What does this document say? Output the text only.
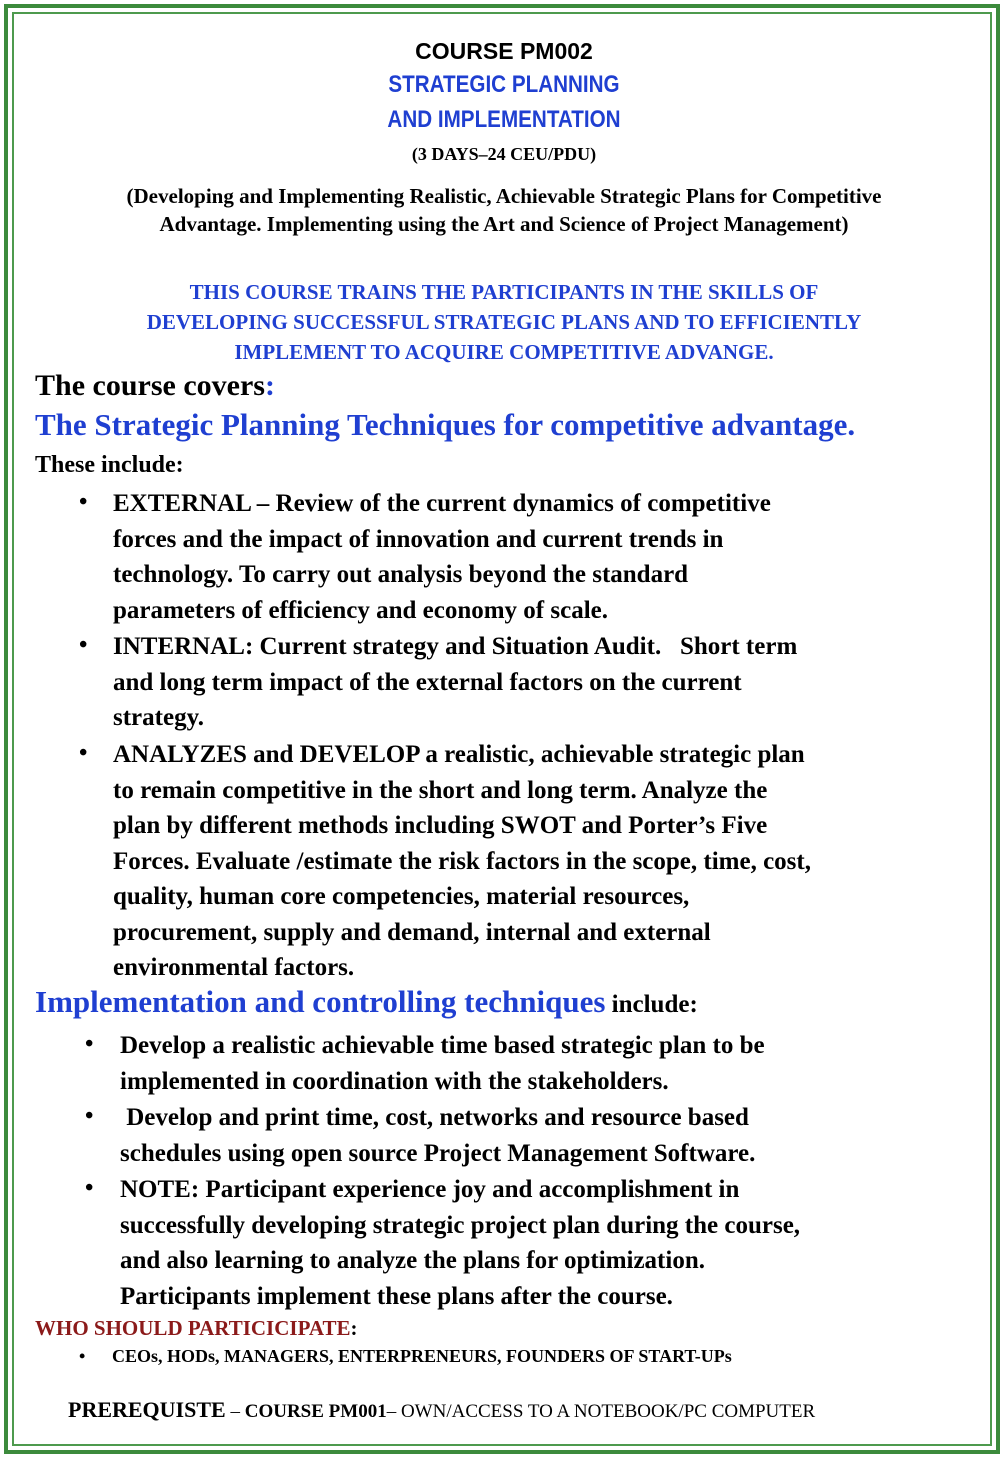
COURSE PM002
STRATEGIC PLANNING
AND IMPLEMENTATION
(3 DAYS–24 CEU/PDU)
(Developing and Implementing Realistic, Achievable Strategic Plans for Competitive
Advantage. Implementing using the Art and Science of Project Management)
THIS COURSE TRAINS THE PARTICIPANTS IN THE SKILLS OF
DEVELOPING SUCCESSFUL STRATEGIC PLANS AND TO EFFICIENTLY
IMPLEMENT TO ACQUIRE COMPETITIVE ADVANGE.
The course covers:
The Strategic Planning Techniques for competitive advantage.
These include:
• EXTERNAL – Review of the current dynamics of competitive
forces and the impact of innovation and current trends in
technology. To carry out analysis beyond the standard
parameters of efficiency and economy of scale.
• INTERNAL: Current strategy and Situation Audit.   Short term
and long term impact of the external factors on the current
strategy.
• ANALYZES and DEVELOP a realistic, achievable strategic plan
to remain competitive in the short and long term. Analyze the
plan by different methods including SWOT and Porter’s Five
Forces. Evaluate /estimate the risk factors in the scope, time, cost,
quality, human core competencies, material resources,
procurement, supply and demand, internal and external
environmental factors.
Implementation and controlling techniques include:
• Develop a realistic achievable time based strategic plan to be
implemented in coordination with the stakeholders.
• Develop and print time, cost, networks and resource based
schedules using open source Project Management Software.
• NOTE: Participant experience joy and accomplishment in
successfully developing strategic project plan during the course,
and also learning to analyze the plans for optimization.
Participants implement these plans after the course.
WHO SHOULD PARTICICIPATE:
• CEOs, HODs, MANAGERS, ENTERPRENEURS, FOUNDERS OF START-UPs
PREREQUISTE – COURSE PM001– OWN/ACCESS TO A NOTEBOOK/PC COMPUTER
